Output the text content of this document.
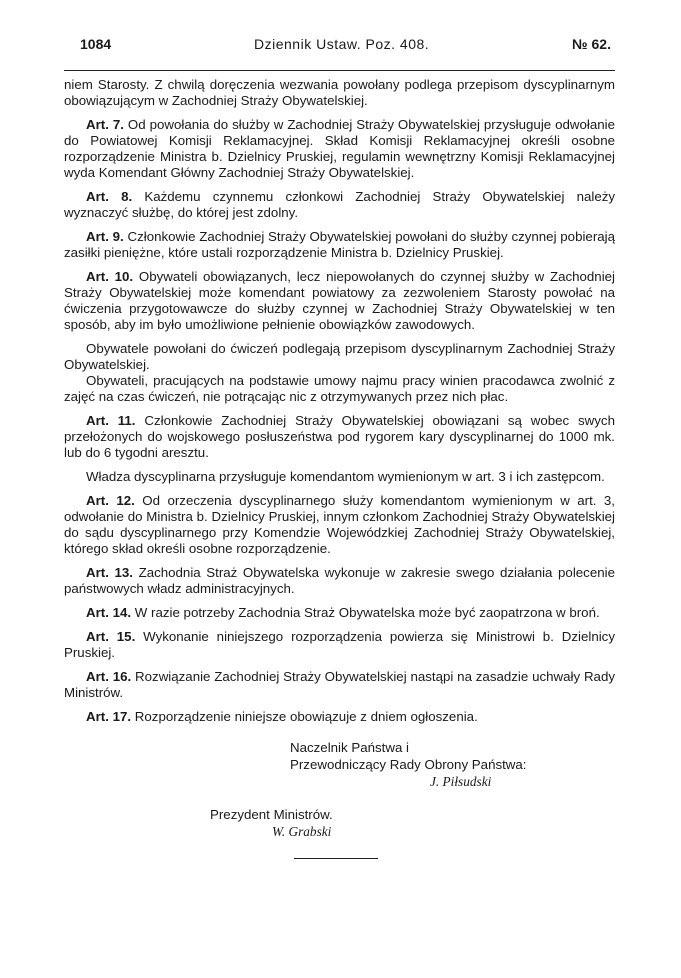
1084	Dziennik Ustaw. Poz. 408.	№ 62.

niem Starosty. Z chwilą doręczenia wezwania powołany podlega przepisom dyscyplinarnym obowiązującym w Zachodniej Straży Obywatelskiej.

Art. 7. Od powołania do służby w Zachodniej Straży Obywatelskiej przysługuje odwołanie do Powiatowej Komisji Reklamacyjnej. Skład Komisji Reklamacyjnej określi osobne rozporządzenie Ministra b. Dzielnicy Pruskiej, regulamin wewnętrzny Komisji Reklamacyjnej wyda Komendant Główny Zachodniej Straży Obywatelskiej.

Art. 8. Każdemu czynnemu członkowi Zachodniej Straży Obywatelskiej należy wyznaczyć służbę, do której jest zdolny.

Art. 9. Członkowie Zachodniej Straży Obywatelskiej powołani do służby czynnej pobierają zasiłki pieniężne, które ustali rozporządzenie Ministra b. Dzielnicy Pruskiej.

Art. 10. Obywateli obowiązanych, lecz niepowołanych do czynnej służby w Zachodniej Straży Obywatelskiej może komendant powiatowy za zezwoleniem Starosty powołać na ćwiczenia przygotowawcze do służby czynnej w Zachodniej Straży Obywatelskiej w ten sposób, aby im było umożliwione pełnienie obowiązków zawodowych.

Obywatele powołani do ćwiczeń podlegają przepisom dyscyplinarnym Zachodniej Straży Obywatelskiej.

Obywateli, pracujących na podstawie umowy najmu pracy winien pracodawca zwolnić z zajęć na czas ćwiczeń, nie potrącając nic z otrzymywanych przez nich płac.

Art. 11. Członkowie Zachodniej Straży Obywatelskiej obowiązani są wobec swych przełożonych do wojskowego posłuszeństwa pod rygorem kary dyscyplinarnej do 1000 mk. lub do 6 tygodni aresztu.

Władza dyscyplinarna przysługuje komendantom wymienionym w art. 3 i ich zastępcom.

Art. 12. Od orzeczenia dyscyplinarnego służy komendantom wymienionym w art. 3, odwołanie do Ministra b. Dzielnicy Pruskiej, innym członkom Zachodniej Straży Obywatelskiej do sądu dyscyplinarnego przy Komendzie Wojewódzkiej Zachodniej Straży Obywatelskiej, którego skład określi osobne rozporządzenie.

Art. 13. Zachodnia Straż Obywatelska wykonuje w zakresie swego działania polecenie państwowych władz administracyjnych.

Art. 14. W razie potrzeby Zachodnia Straż Obywatelska może być zaopatrzona w broń.

Art. 15. Wykonanie niniejszego rozporządzenia powierza się Ministrowi b. Dzielnicy Pruskiej.

Art. 16. Rozwiązanie Zachodniej Straży Obywatelskiej nastąpi na zasadzie uchwały Rady Ministrów.

Art. 17. Rozporządzenie niniejsze obowiązuje z dniem ogłoszenia.

Naczelnik Państwa i
Przewodniczący Rady Obrony Państwa:
J. Piłsudski
Prezydent Ministrów.
W. Grabski
